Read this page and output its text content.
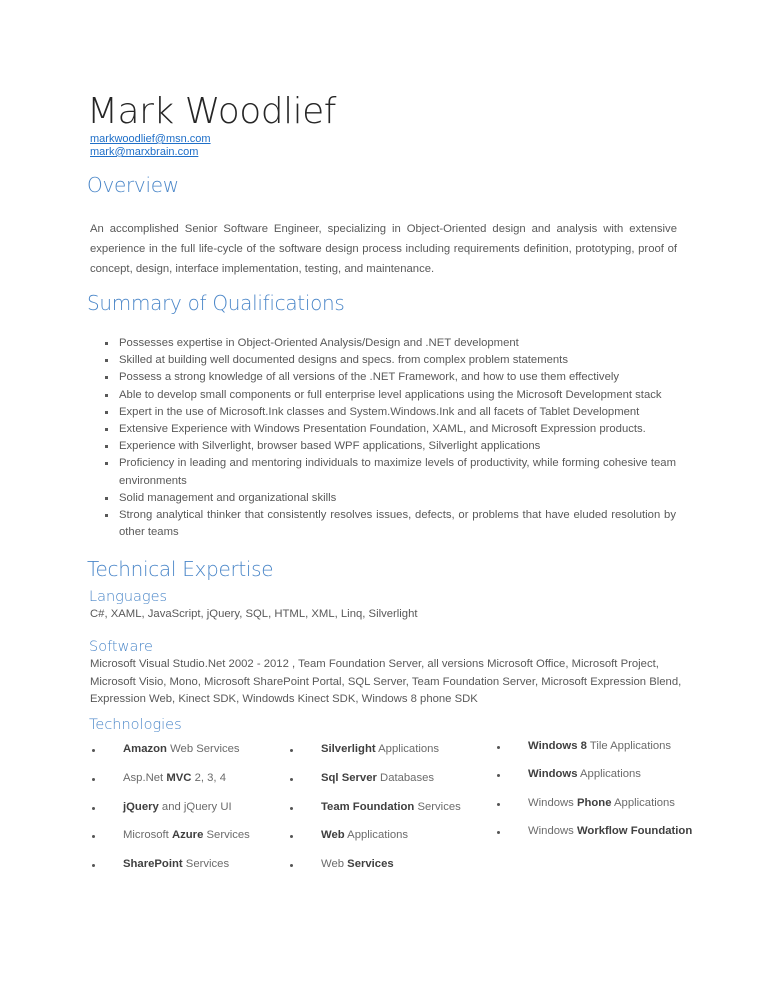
Mark Woodlief
markwoodlief@msn.com
mark@marxbrain.com
Overview
An accomplished Senior Software Engineer, specializing in Object-Oriented design and analysis with extensive experience in the full life-cycle of the software design process including requirements definition, prototyping, proof of concept, design, interface implementation, testing, and maintenance.
Summary of Qualifications
Possesses expertise in Object-Oriented Analysis/Design and .NET development
Skilled at building well documented designs and specs. from complex problem statements
Possess a strong knowledge of all versions of the .NET Framework, and how to use them effectively
Able to develop small components or full enterprise level applications using the Microsoft Development stack
Expert in the use of Microsoft.Ink classes and System.Windows.Ink and all facets of Tablet Development
Extensive Experience with Windows Presentation Foundation, XAML, and Microsoft Expression products.
Experience with Silverlight, browser based WPF applications, Silverlight applications
Proficiency in leading and mentoring individuals to maximize levels of productivity, while forming cohesive team environments
Solid management and organizational skills
Strong analytical thinker that consistently resolves issues, defects, or problems that have eluded resolution by other teams
Technical Expertise
Languages
C#, XAML, JavaScript, jQuery, SQL, HTML, XML, Linq, Silverlight
Software
Microsoft Visual Studio.Net 2002 - 2012 , Team Foundation Server, all versions Microsoft Office, Microsoft Project, Microsoft Visio, Mono, Microsoft SharePoint Portal, SQL Server, Team Foundation Server, Microsoft Expression Blend, Expression Web, Kinect SDK, Windowds Kinect SDK, Windows 8 phone SDK
Technologies
Amazon Web Services
Asp.Net MVC 2, 3, 4
jQuery and jQuery UI
Microsoft Azure Services
SharePoint Services
Silverlight Applications
Sql Server Databases
Team Foundation Services
Web Applications
Web Services
Windows 8 Tile Applications
Windows Applications
Windows Phone Applications
Windows Workflow Foundation
